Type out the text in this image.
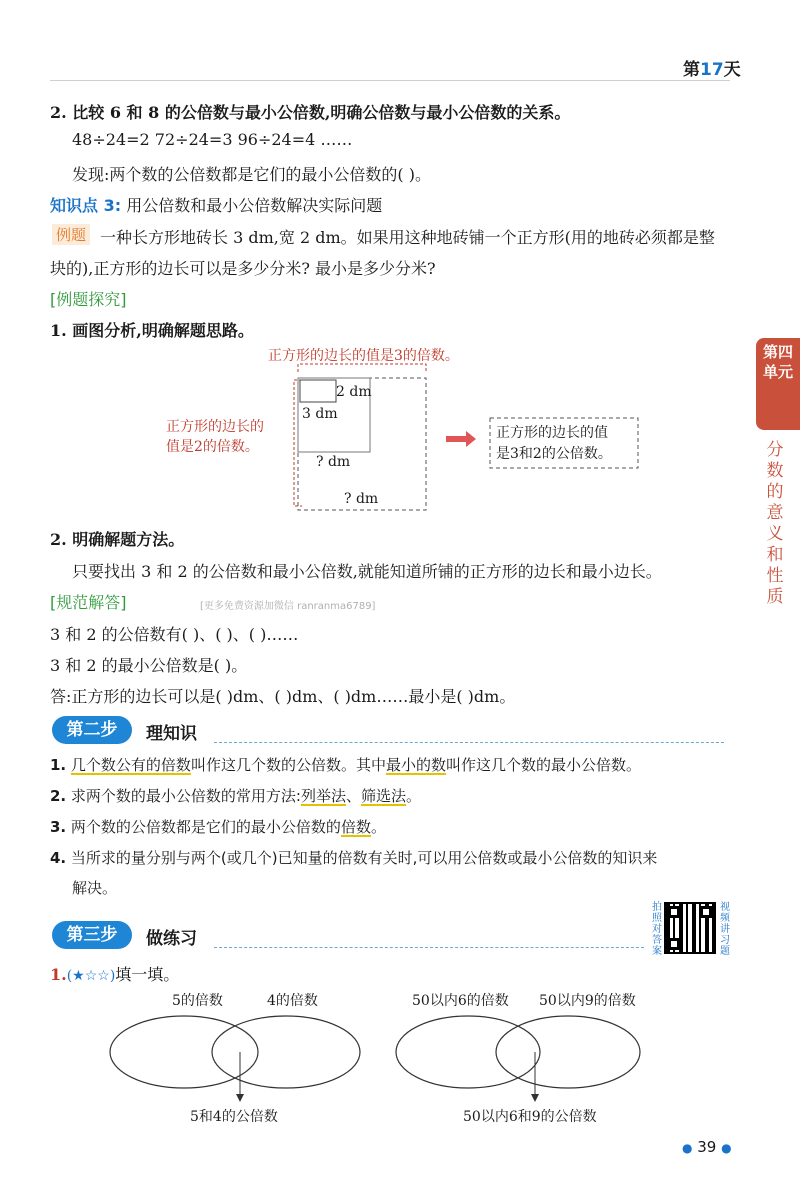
第17天
2. 比较 6 和 8 的公倍数与最小公倍数,明确公倍数与最小公倍数的关系。
48÷24=2 72÷24=3 96÷24=4 ……
发现:两个数的公倍数都是它们的最小公倍数的( )。
知识点 3: 用公倍数和最小公倍数解决实际问题
例题 一种长方形地砖长 3 dm,宽 2 dm。如果用这种地砖铺一个正方形(用的地砖必须都是整
块的),正方形的边长可以是多少分米? 最小是多少分米?
[例题探究]
1. 画图分析,明确解题思路。
正方形的边长的值是3的倍数。
2 dm
3 dm
? dm
? dm
正方形的边长的
值是2的倍数。
正方形的边长的值
是3和2的公倍数。
2. 明确解题方法。
只要找出 3 和 2 的公倍数和最小公倍数,就能知道所铺的正方形的边长和最小边长。
[规范解答]	[更多免费资源加微信 ranranma6789]
3 和 2 的公倍数有( )、( )、( )……
3 和 2 的最小公倍数是( )。
答:正方形的边长可以是( )dm、( )dm、( )dm……最小是( )dm。
第二步	理知识
1. 几个数公有的倍数叫作这几个数的公倍数。其中最小的数叫作这几个数的最小公倍数。
2. 求两个数的最小公倍数的常用方法:列举法、筛选法。
3. 两个数的公倍数都是它们的最小公倍数的倍数。
4. 当所求的量分别与两个(或几个)已知量的倍数有关时,可以用公倍数或最小公倍数的知识来
解决。
第三步	做练习
拍照对答案
视频讲习题
1.(★☆☆)填一填。
5的倍数	4的倍数	50以内6的倍数 50以内9的倍数
5和4的公倍数	50以内6和9的公倍数
第四单元
分数的意义和性质
● 39 ●
